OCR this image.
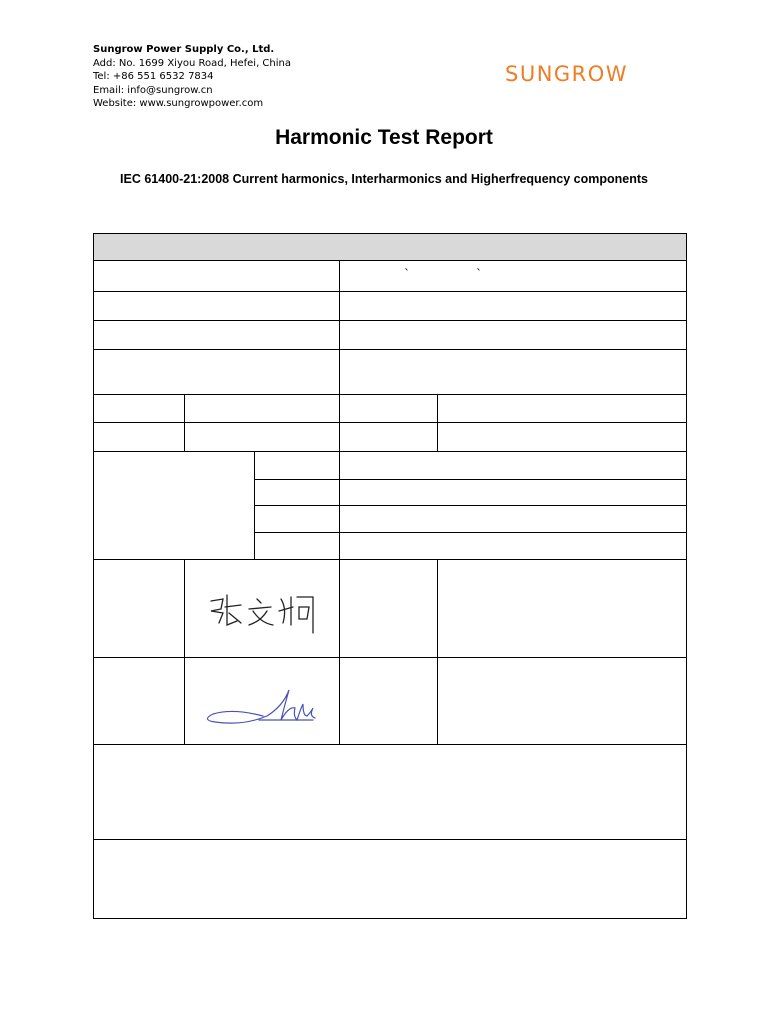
Sungrow Power Supply Co., Ltd.
Add: No. 1699 Xiyou Road, Hefei, China
Tel: +86 551 6532 7834
Email: info@sungrow.cn
Website: www.sungrowpower.com
SUNGROW
Harmonic Test Report
IEC 61400-21:2008 Current harmonics, Interharmonics and Higherfrequency components
`	`
